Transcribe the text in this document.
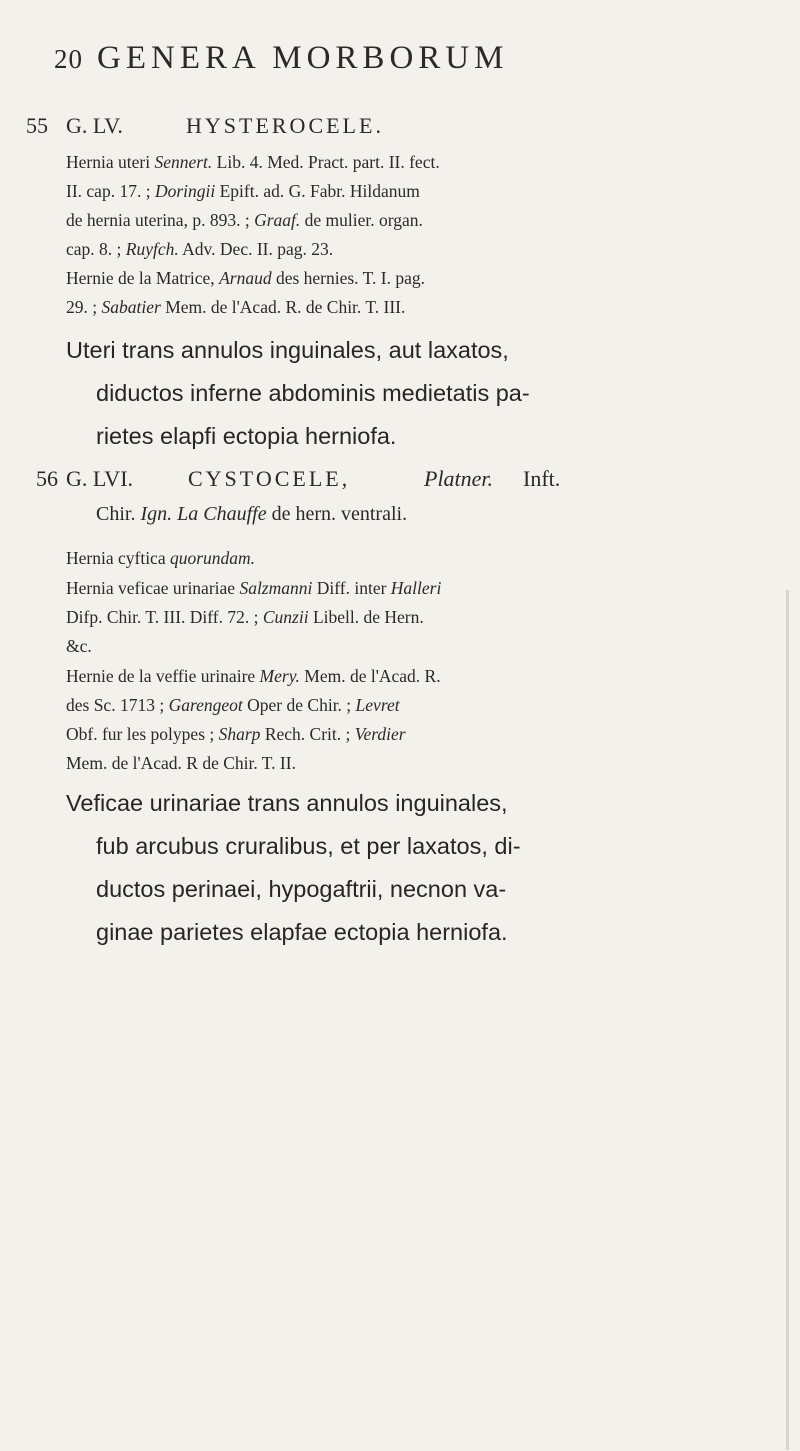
20 GENERA MORBORUM
55 G. LV.	HYSTEROCELE.
Hernia uteri Sennert. Lib. 4. Med. Pract. part. II. fect.
II. cap. 17. ; Doringii Epift. ad. G. Fabr. Hildanum
de hernia uterina, p. 893. ; Graaf. de mulier. organ.
cap. 8. ; Ruyfch. Adv. Dec. II. pag. 23.
Hernie de la Matrice, Arnaud des hernies. T. I. pag.
29. ; Sabatier Mem. de l'Acad. R. de Chir. T. III.
Uteri trans annulos inguinales, aut laxatos,
diductos inferne abdominis medietatis pa-
rietes elapfi ectopia herniofa.
56 G. LVI. CYSTOCELE,	Platner. Inft.
Chir. Ign. La Chauffe de hern. ventrali.
Hernia cyftica quorundam.
Hernia veficae urinariae Salzmanni Diff. inter Halleri
Difp. Chir. T. III. Diff. 72. ; Cunzii Libell. de Hern.
&c.
Hernie de la veffie urinaire Mery. Mem. de l'Acad. R.
des Sc. 1713 ; Garengeot Oper de Chir. ; Levret
Obf. fur les polypes ; Sharp Rech. Crit. ; Verdier
Mem. de l'Acad. R de Chir. T. II.
Veficae urinariae trans annulos inguinales,
fub arcubus cruralibus, et per laxatos, di-
ductos perinaei, hypogaftrii, necnon va-
ginae parietes elapfae ectopia herniofa.
